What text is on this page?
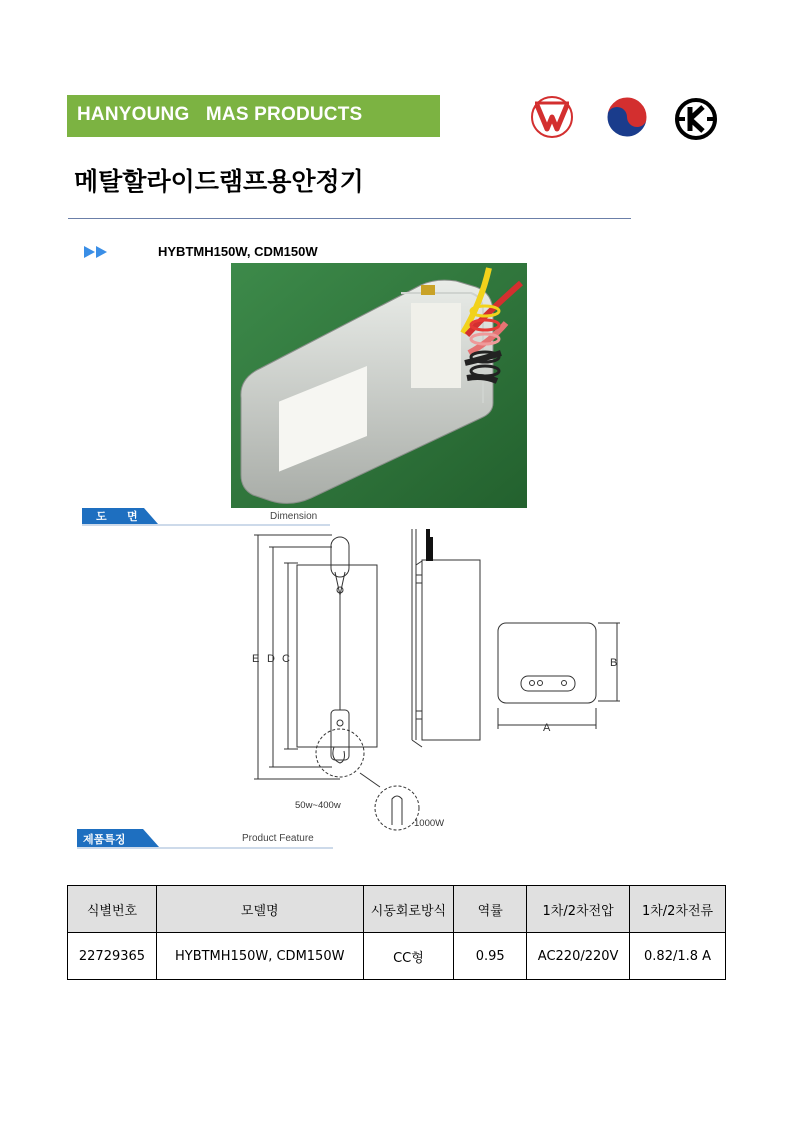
HANYOUNG   MAS PRODUCTS
메탈할라이드램프용안정기
HYBTMH150W, CDM150W
도    면	Dimension
E D C	B
A
50w~400w
1000W
제품특징	Product Feature
식별번호	모델명	시동회로방식	역률	1차/2차전압	1차/2차전류
22729365	HYBTMH150W, CDM150W	CC형	0.95	AC220/220V	0.82/1.8 A
